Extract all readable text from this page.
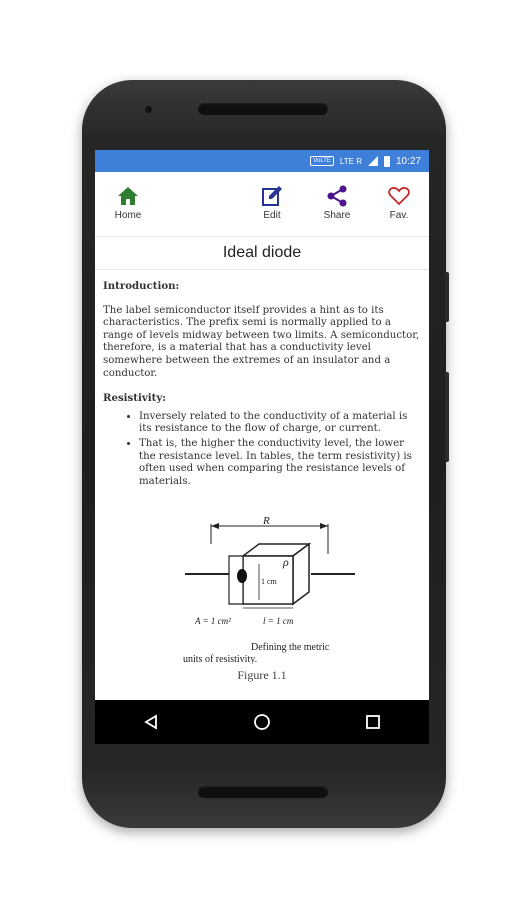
VoLTE	LTE R	10:27
Home	Edit	Share	Fav.
Ideal diode
Introduction:

The label semiconductor itself provides a hint as to its characteristics. The prefix semi is normally applied to a range of levels midway between two limits. A semiconductor, therefore, is a material that has a conductivity level somewhere between the extremes of an insulator and a conductor.

Resistivity:
• Inversely related to the conductivity of a material is its resistance to the flow of charge, or current.
• That is, the higher the conductivity level, the lower the resistance level. In tables, the term resistivity) is often used when comparing the resistance levels of materials.
R
ρ
1 cm
A = 1 cm²	l = 1 cm
Defining the metric
units of resistivity.
Figure 1.1
